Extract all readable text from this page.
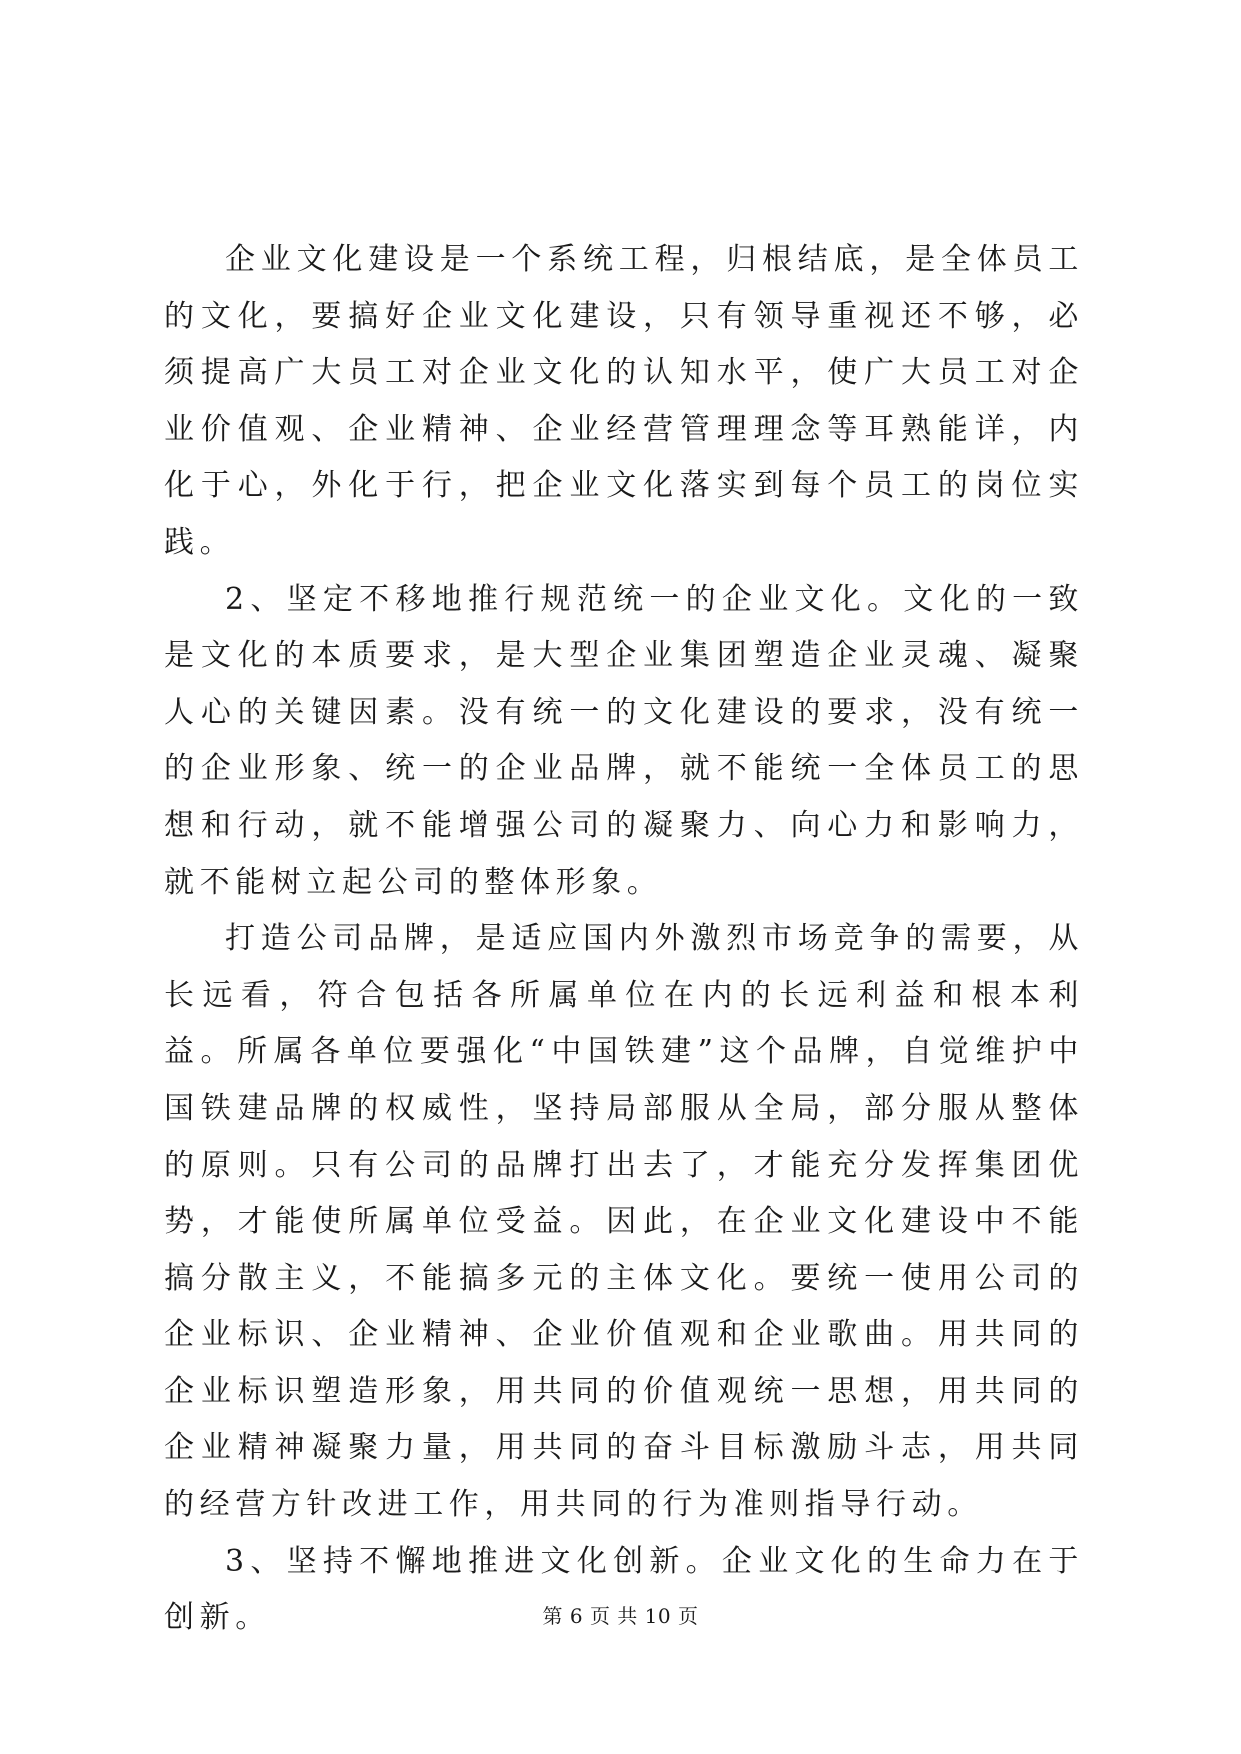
企业文化建设是一个系统工程，归根结底，是全体员工的文化，要搞好企业文化建设，只有领导重视还不够，必须提高广大员工对企业文化的认知水平，使广大员工对企业价值观、企业精神、企业经营管理理念等耳熟能详，内化于心，外化于行，把企业文化落实到每个员工的岗位实践。

2、坚定不移地推行规范统一的企业文化。文化的一致是文化的本质要求，是大型企业集团塑造企业灵魂、凝聚人心的关键因素。没有统一的文化建设的要求，没有统一的企业形象、统一的企业品牌，就不能统一全体员工的思想和行动，就不能增强公司的凝聚力、向心力和影响力，就不能树立起公司的整体形象。

打造公司品牌，是适应国内外激烈市场竞争的需要，从长远看，符合包括各所属单位在内的长远利益和根本利益。所属各单位要强化“中国铁建”这个品牌，自觉维护中国铁建品牌的权威性，坚持局部服从全局，部分服从整体的原则。只有公司的品牌打出去了，才能充分发挥集团优势，才能使所属单位受益。因此，在企业文化建设中不能搞分散主义，不能搞多元的主体文化。要统一使用公司的企业标识、企业精神、企业价值观和企业歌曲。用共同的企业标识塑造形象，用共同的价值观统一思想，用共同的企业精神凝聚力量，用共同的奋斗目标激励斗志，用共同的经营方针改进工作，用共同的行为准则指导行动。

3、坚持不懈地推进文化创新。企业文化的生命力在于创新。	第 6 页 共 10 页
